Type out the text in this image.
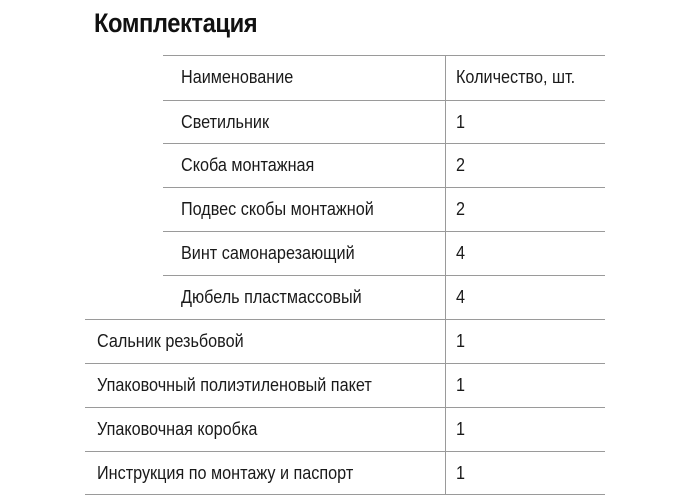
Комплектация
Наименование	Количество, шт.
Светильник	1
Скоба монтажная	2
Подвес скобы монтажной	2
Винт самонарезающий	4
Дюбель пластмассовый	4
Сальник резьбовой	1
Упаковочный полиэтиленовый пакет	1
Упаковочная коробка	1
Инструкция по монтажу и паспорт	1
